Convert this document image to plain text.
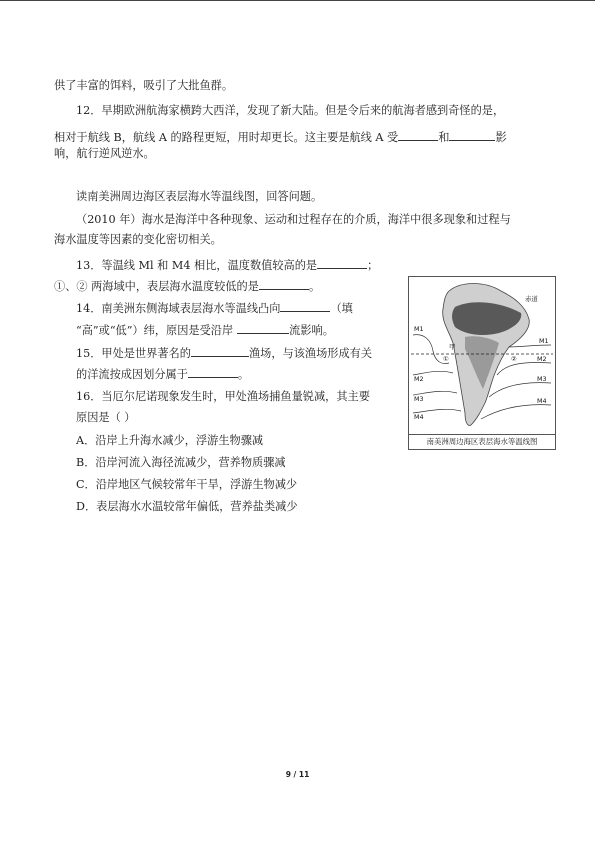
供了丰富的饵料，吸引了大批鱼群。
12．早期欧洲航海家横跨大西洋，发现了新大陆。但是令后来的航海者感到奇怪的是，
相对于航线 B，航线 A 的路程更短，用时却更长。这主要是航线 A 受	和	影
响，航行逆风逆水。
读南美洲周边海区表层海水等温线图，回答问题。
（2010 年）海水是海洋中各种现象、运动和过程存在的介质，海洋中很多现象和过程与
海水温度等因素的变化密切相关。
13．等温线 Ml 和 M4 相比，温度数值较高的是	；
①、② 两海域中，表层海水温度较低的是	。
14．南美洲东侧海域表层海水等温线凸向	（填
“高”或“低”）纬，原因是受沿岸	流影响。
15．甲处是世界著名的	渔场，与该渔场形成有关
的洋流按成因划分属于	。
16．当厄尔尼诺现象发生时，甲处渔场捕鱼量锐减，其主要
原因是（ ）
A．沿岸上升海水减少，浮游生物骤减
B．沿岸河流入海径流减少，营养物质骤减
C．沿岸地区气候较常年干旱，浮游生物减少
D．表层海水水温较常年偏低，营养盐类减少
赤道
甲
①	②
M1
M2
M3
M4
M1
M2
M3
M4
南美洲周边海区表层海水等温线图
9 / 11
